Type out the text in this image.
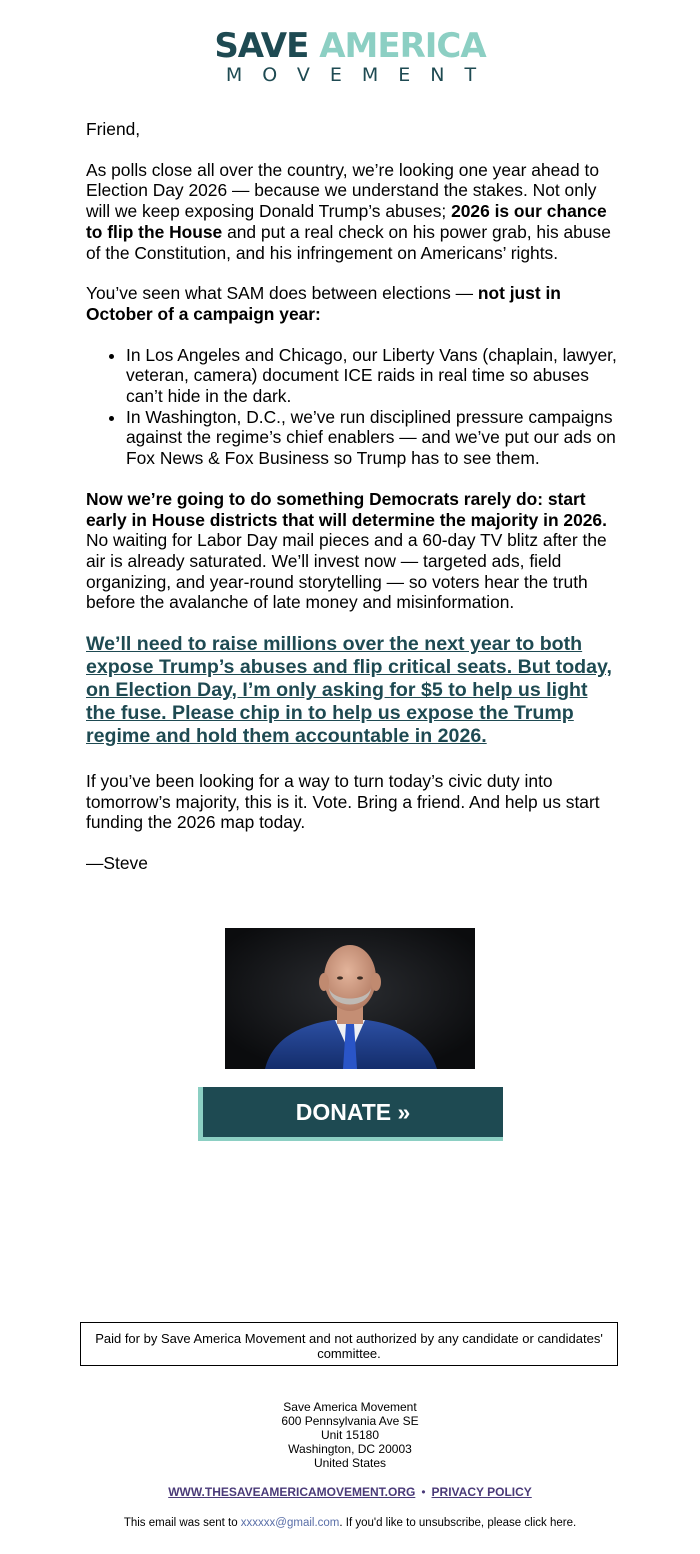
SAVE AMERICA
MOVEMENT

Friend,

As polls close all over the country, we’re looking one year ahead to Election Day 2026 — because we understand the stakes. Not only will we keep exposing Donald Trump’s abuses; 2026 is our chance to flip the House and put a real check on his power grab, his abuse of the Constitution, and his infringement on Americans’ rights.

You’ve seen what SAM does between elections — not just in October of a campaign year:

• In Los Angeles and Chicago, our Liberty Vans (chaplain, lawyer, veteran, camera) document ICE raids in real time so abuses can’t hide in the dark.
• In Washington, D.C., we’ve run disciplined pressure campaigns against the regime’s chief enablers — and we’ve put our ads on Fox News & Fox Business so Trump has to see them.

Now we’re going to do something Democrats rarely do: start early in House districts that will determine the majority in 2026. No waiting for Labor Day mail pieces and a 60-day TV blitz after the air is already saturated. We’ll invest now — targeted ads, field organizing, and year-round storytelling — so voters hear the truth before the avalanche of late money and misinformation.

We’ll need to raise millions over the next year to both expose Trump’s abuses and flip critical seats. But today, on Election Day, I’m only asking for $5 to help us light the fuse. Please chip in to help us expose the Trump regime and hold them accountable in 2026.

If you’ve been looking for a way to turn today’s civic duty into tomorrow’s majority, this is it. Vote. Bring a friend. And help us start funding the 2026 map today.

—Steve

DONATE »
Paid for by Save America Movement and not authorized by any candidate or candidates' committee.
Save America Movement
600 Pennsylvania Ave SE
Unit 15180
Washington, DC 20003
United States
WWW.THESAVEAMERICAMOVEMENT.ORG • PRIVACY POLICY
This email was sent to xxxxxx@gmail.com. If you'd like to unsubscribe, please click here.
